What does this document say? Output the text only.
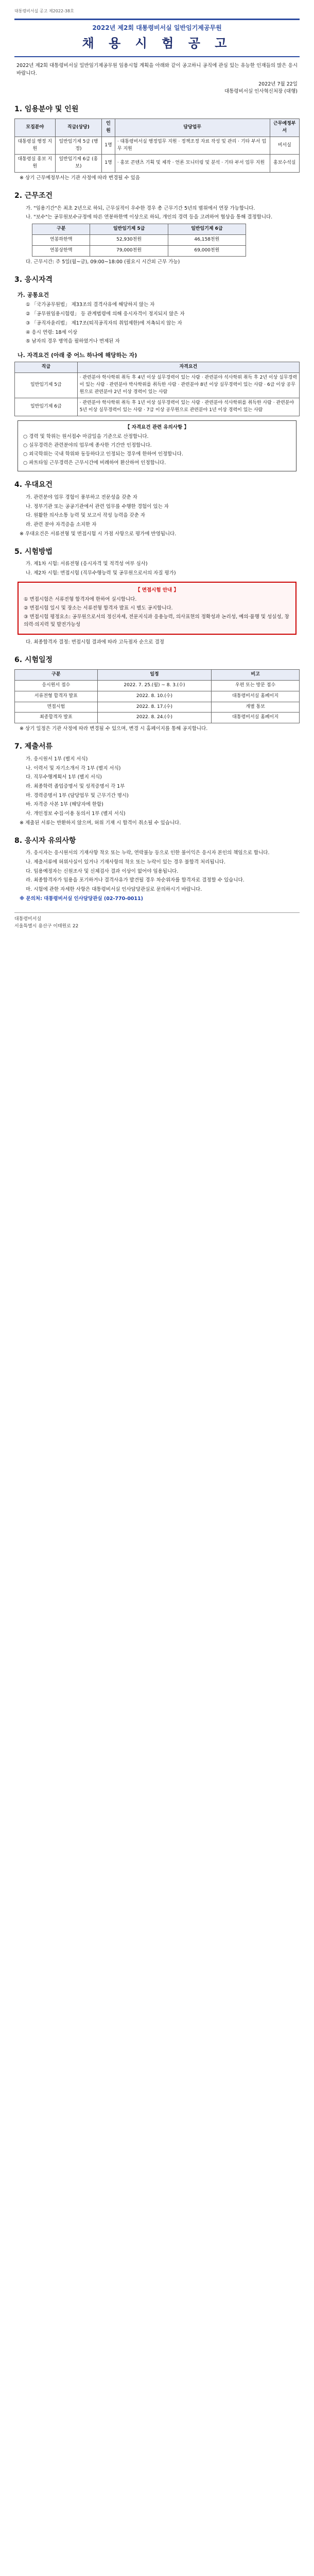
대통령비서실 공고 제2022-38호
2022년 제2회 대통령비서실 일반임기제공무원
채 용 시 험 공 고
2022년 제2회 대통령비서실 일반임기제공무원 임용시험 계획을 아래와 같이 공고하니 공직에 관심 있는 유능한 인재들의 많은 응시 바랍니다.
2022년 7월 22일
대통령비서실 인사혁신처장 (대행)
1. 임용분야 및 인원
모집분야	직급(상당)	인원	담당업무	근무예정부서
대통령실 행정 지원	일반임기제 5급 (행정)	1명	· 대통령비서실 행정업무 지원 · 정책조정 자료 작성 및 관리 · 기타 부서 업무 지원	비서실
대통령실 홍보 지원	일반임기제 6급 (홍보)	1명	· 홍보 콘텐츠 기획 및 제작 · 언론 모니터링 및 분석 · 기타 부서 업무 지원	홍보수석실

※ 상기 근무예정부서는 기관 사정에 따라 변경될 수 있음

2. 근무조건

가. "임용기간"은 최초 2년으로 하되, 근무실적이 우수한 경우 총 근무기간 5년의 범위에서 연장 가능합니다.

나. "보수"는 공무원보수규정에 따른 연봉하한액 이상으로 하되, 개인의 경력 등을 고려하여 협상을 통해 결정합니다.

구분	일반임기제 5급	일반임기제 6급
연봉하한액	52,930천원	46,158천원
연봉상한액	79,000천원	69,000천원

다. 근무시간: 주 5일(월~금), 09:00~18:00 (필요시 시간외 근무 가능)

3. 응시자격
가. 공통요건

① 「국가공무원법」 제33조의 결격사유에 해당하지 않는 자

② 「공무원임용시험령」 등 관계법령에 의해 응시자격이 정지되지 않은 자

③ 「공직자윤리법」 제17조(퇴직공직자의 취업제한)에 저촉되지 않는 자

④ 응시 연령: 18세 이상

⑤ 남자의 경우 병역을 필하였거나 면제된 자

나. 자격요건 (아래 중 어느 하나에 해당하는 자)
직급	자격요건
일반임기제 5급	· 관련분야 학사학위 취득 후 4년 이상 실무경력이 있는 사람 · 관련분야 석사학위 취득 후 2년 이상 실무경력이 있는 사람 · 관련분야 박사학위를 취득한 사람 · 관련분야 8년 이상 실무경력이 있는 사람 · 6급 이상 공무원으로 관련분야 2년 이상 경력이 있는 사람
일반임기제 6급	· 관련분야 학사학위 취득 후 1년 이상 실무경력이 있는 사람 · 관련분야 석사학위를 취득한 사람 · 관련분야 5년 이상 실무경력이 있는 사람 · 7급 이상 공무원으로 관련분야 1년 이상 경력이 있는 사람
【 자격요건 관련 유의사항 】
○ 경력 및 학위는 원서접수 마감일을 기준으로 산정합니다.
○ 실무경력은 관련분야의 업무에 종사한 기간만 인정합니다.
○ 외국학위는 국내 학위와 동등하다고 인정되는 경우에 한하여 인정합니다.
○ 파트타임 근무경력은 근무시간에 비례하여 환산하여 인정합니다.
4. 우대요건

가. 관련분야 업무 경험이 풍부하고 전문성을 갖춘 자

나. 정부기관 또는 공공기관에서 관련 업무를 수행한 경험이 있는 자

다. 원활한 의사소통 능력 및 보고서 작성 능력을 갖춘 자

라. 관련 분야 자격증을 소지한 자

※ 우대요건은 서류전형 및 면접시험 시 가점 사항으로 평가에 반영됩니다.

5. 시험방법

가. 제1차 시험: 서류전형 (응시자격 및 적격성 여부 심사)

나. 제2차 시험: 면접시험 (직무수행능력 및 공무원으로서의 자질 평가)

【 면접시험 안내 】
① 면접시험은 서류전형 합격자에 한하여 실시합니다.
② 면접시험 일시 및 장소는 서류전형 합격자 발표 시 별도 공지합니다.
③ 면접시험 평정요소: 공무원으로서의 정신자세, 전문지식과 응용능력, 의사표현의 정확성과 논리성, 예의·품행 및 성실성, 창의력·의지력 및 발전가능성

다. 최종합격자 결정: 면접시험 결과에 따라 고득점자 순으로 결정

6. 시험일정
구분	일정	비고
응시원서 접수	2022. 7. 25.(월) ~ 8. 3.(수)	우편 또는 방문 접수
서류전형 합격자 발표	2022. 8. 10.(수)	대통령비서실 홈페이지
면접시험	2022. 8. 17.(수)	개별 통보
최종합격자 발표	2022. 8. 24.(수)	대통령비서실 홈페이지

※ 상기 일정은 기관 사정에 따라 변경될 수 있으며, 변경 시 홈페이지를 통해 공지합니다.

7. 제출서류

가. 응시원서 1부 (별지 서식)

나. 이력서 및 자기소개서 각 1부 (별지 서식)

다. 직무수행계획서 1부 (별지 서식)

라. 최종학력 졸업증명서 및 성적증명서 각 1부

마. 경력증명서 1부 (담당업무 및 근무기간 명시)

바. 자격증 사본 1부 (해당자에 한함)

사. 개인정보 수집·이용 동의서 1부 (별지 서식)

※ 제출된 서류는 반환하지 않으며, 허위 기재 시 합격이 취소될 수 있습니다.

8. 응시자 유의사항

가. 응시자는 응시원서의 기재사항 착오 또는 누락, 연락불능 등으로 인한 불이익은 응시자 본인의 책임으로 합니다.

나. 제출서류에 허위사실이 있거나 기재사항의 착오 또는 누락이 있는 경우 불합격 처리됩니다.

다. 임용예정자는 신원조사 및 신체검사 결과 이상이 없어야 임용됩니다.

라. 최종합격자가 임용을 포기하거나 결격사유가 발견될 경우 차순위자를 합격자로 결정할 수 있습니다.

마. 시험에 관한 자세한 사항은 대통령비서실 인사담당관실로 문의하시기 바랍니다.

※ 문의처: 대통령비서실 인사담당관실 (02-770-0011)

대통령비서실
서울특별시 용산구 이태원로 22
